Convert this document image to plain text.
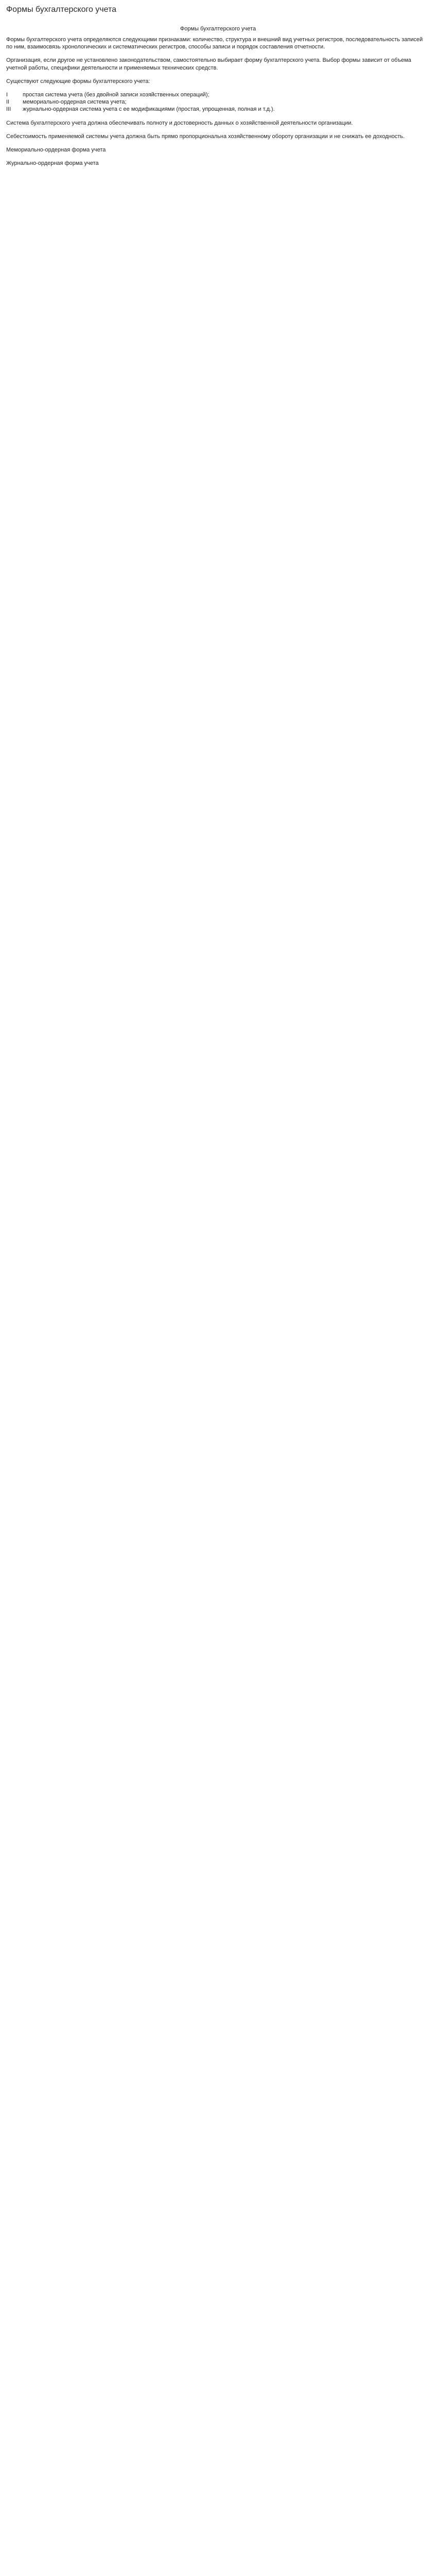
Формы бухгалтерского учета
Формы бухгалтерского учета
Формы бухгалтерского учета определяются следующими признаками: количество, структура и внешний вид учетных регистров, последовательность записей по ним, взаимосвязь хронологических и систематических регистров, способы записи и порядок составления отчетности.
Организация, если другое не установлено законодательством, самостоятельно выбирает форму бухгалтерского учета. Выбор формы зависит от объема учетной работы, специфики деятельности и применяемых технических средств.
Существуют следующие формы бухгалтерского учета:
I	простая система учета (без двойной записи хозяйственных операций);
II	мемориально-ордерная система учета;
III	журнально-ордерная система учета с ее модификациями (простая, упрощенная, полная и т.д.).
Система бухгалтерского учета должна обеспечивать полноту и достоверность данных о хозяйственной деятельности организации.
Себестоимость применяемой системы учета должна быть прямо пропорциональна хозяйственному обороту организации и не снижать ее доходность.
Мемориально-ордерная форма учета
Журнально-ордерная форма учета
